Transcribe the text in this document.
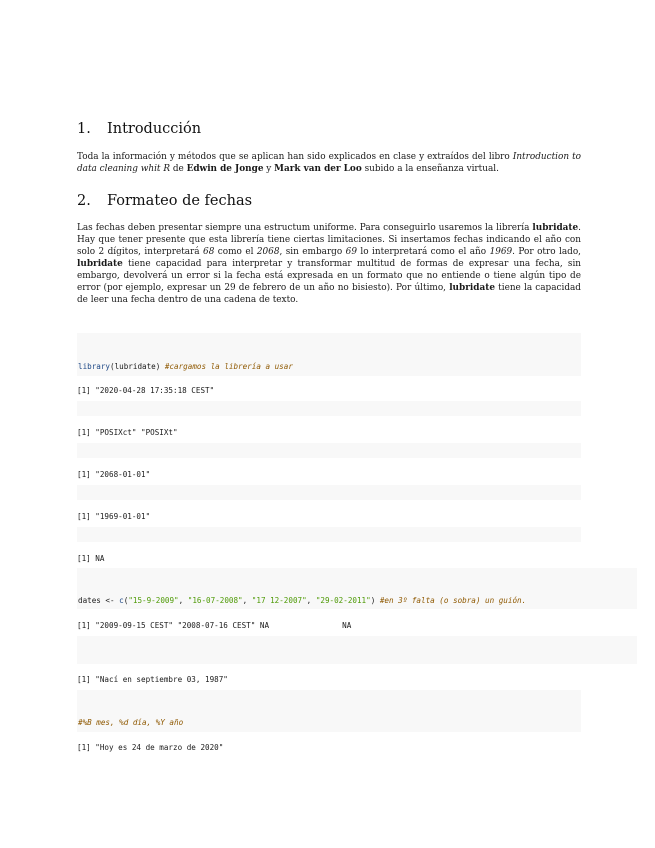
1. Introducción

Toda la información y métodos que se aplican han sido explicados en clase y extraídos del libro Introduction to data cleaning whit R de Edwin de Jonge y Mark van der Loo subido a la enseñanza virtual.

2. Formateo de fechas

Las fechas deben presentar siempre una estructum uniforme. Para conseguirlo usaremos la librería lubridate. Hay que tener presente que esta librería tiene ciertas limitaciones. Si insertamos fechas indicando el año con solo 2 dígitos, interpretará 68 como el 2068, sin embargo 69 lo interpretará como el año 1969. Por otro lado, lubridate tiene capacidad para interpretar y transformar multitud de formas de expresar una fecha, sin embargo, devolverá un error si la fecha está expresada en un formato que no entiende o tiene algún tipo de error (por ejemplo, expresar un 29 de febrero de un año no bisiesto). Por último, lubridate tiene la capacidad de leer una fecha dentro de una cadena de texto.

library(lubridate) #cargamos la librería a usar

[1] "2020-04-28 17:35:18 CEST"

[1] "POSIXct" "POSIXt"

[1] "2068-01-01"

[1] "1969-01-01"

[1] NA

dates <- c("15-9-2009", "16-07-2008", "17 12-2007", "29-02-2011") #en 3º falta (o sobra) un guión.

[1] "2009-09-15 CEST" "2008-07-16 CEST" NA                NA

[1] "Nací en septiembre 03, 1987"

#%B mes, %d día, %Y año

[1] "Hoy es 24 de marzo de 2020"
